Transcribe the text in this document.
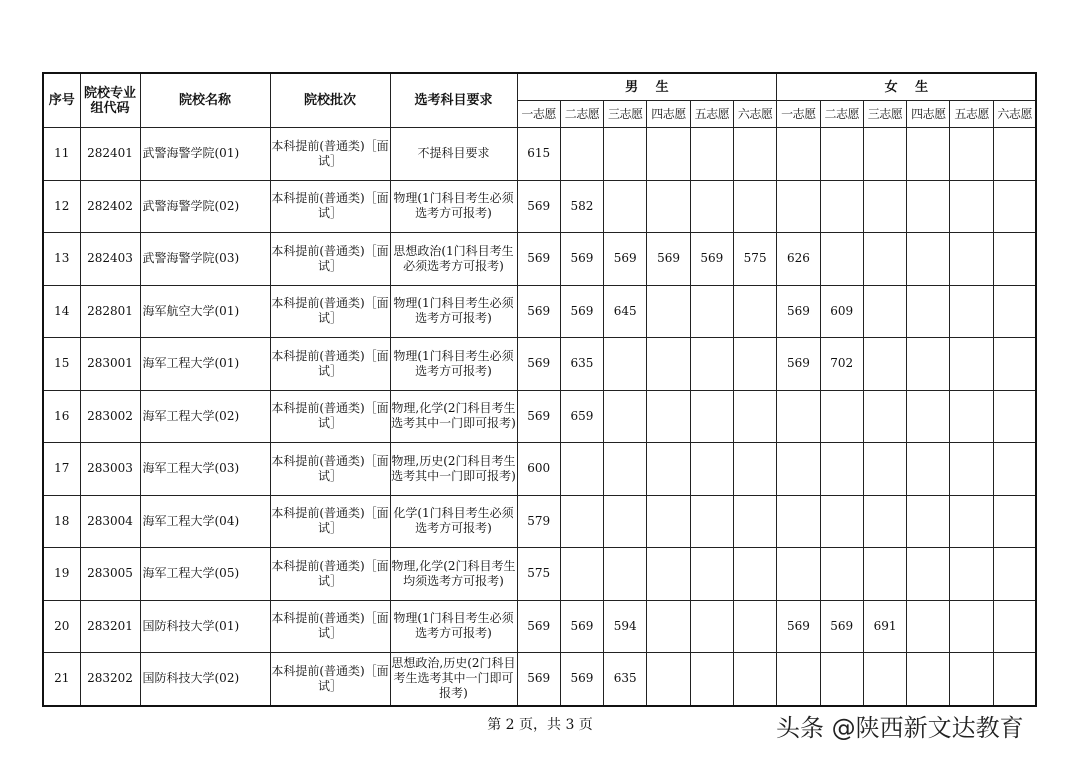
序号	院校专业组代码	院校名称	院校批次	选考科目要求	男　 生						女　 生					
					一志愿	二志愿	三志愿	四志愿	五志愿	六志愿	一志愿	二志愿	三志愿	四志愿	五志愿	六志愿
11	282401	武警海警学院(01)	本科提前(普通类)［面试］	不提科目要求	615											
12	282402	武警海警学院(02)	本科提前(普通类)［面试］	物理(1门科目考生必须选考方可报考)	569	582										
13	282403	武警海警学院(03)	本科提前(普通类)［面试］	思想政治(1门科目考生必须选考方可报考)	569	569	569	569	569	575	626					
14	282801	海军航空大学(01)	本科提前(普通类)［面试］	物理(1门科目考生必须选考方可报考)	569	569	645				569	609				
15	283001	海军工程大学(01)	本科提前(普通类)［面试］	物理(1门科目考生必须选考方可报考)	569	635					569	702				
16	283002	海军工程大学(02)	本科提前(普通类)［面试］	物理,化学(2门科目考生选考其中一门即可报考)	569	659										
17	283003	海军工程大学(03)	本科提前(普通类)［面试］	物理,历史(2门科目考生选考其中一门即可报考)	600											
18	283004	海军工程大学(04)	本科提前(普通类)［面试］	化学(1门科目考生必须选考方可报考)	579											
19	283005	海军工程大学(05)	本科提前(普通类)［面试］	物理,化学(2门科目考生均须选考方可报考)	575											
20	283201	国防科技大学(01)	本科提前(普通类)［面试］	物理(1门科目考生必须选考方可报考)	569	569	594				569	569	691			
21	283202	国防科技大学(02)	本科提前(普通类)［面试］	思想政治,历史(2门科目考生选考其中一门即可报考)	569	569	635									
第 2 页，共 3 页	头条 @陕西新文达教育
